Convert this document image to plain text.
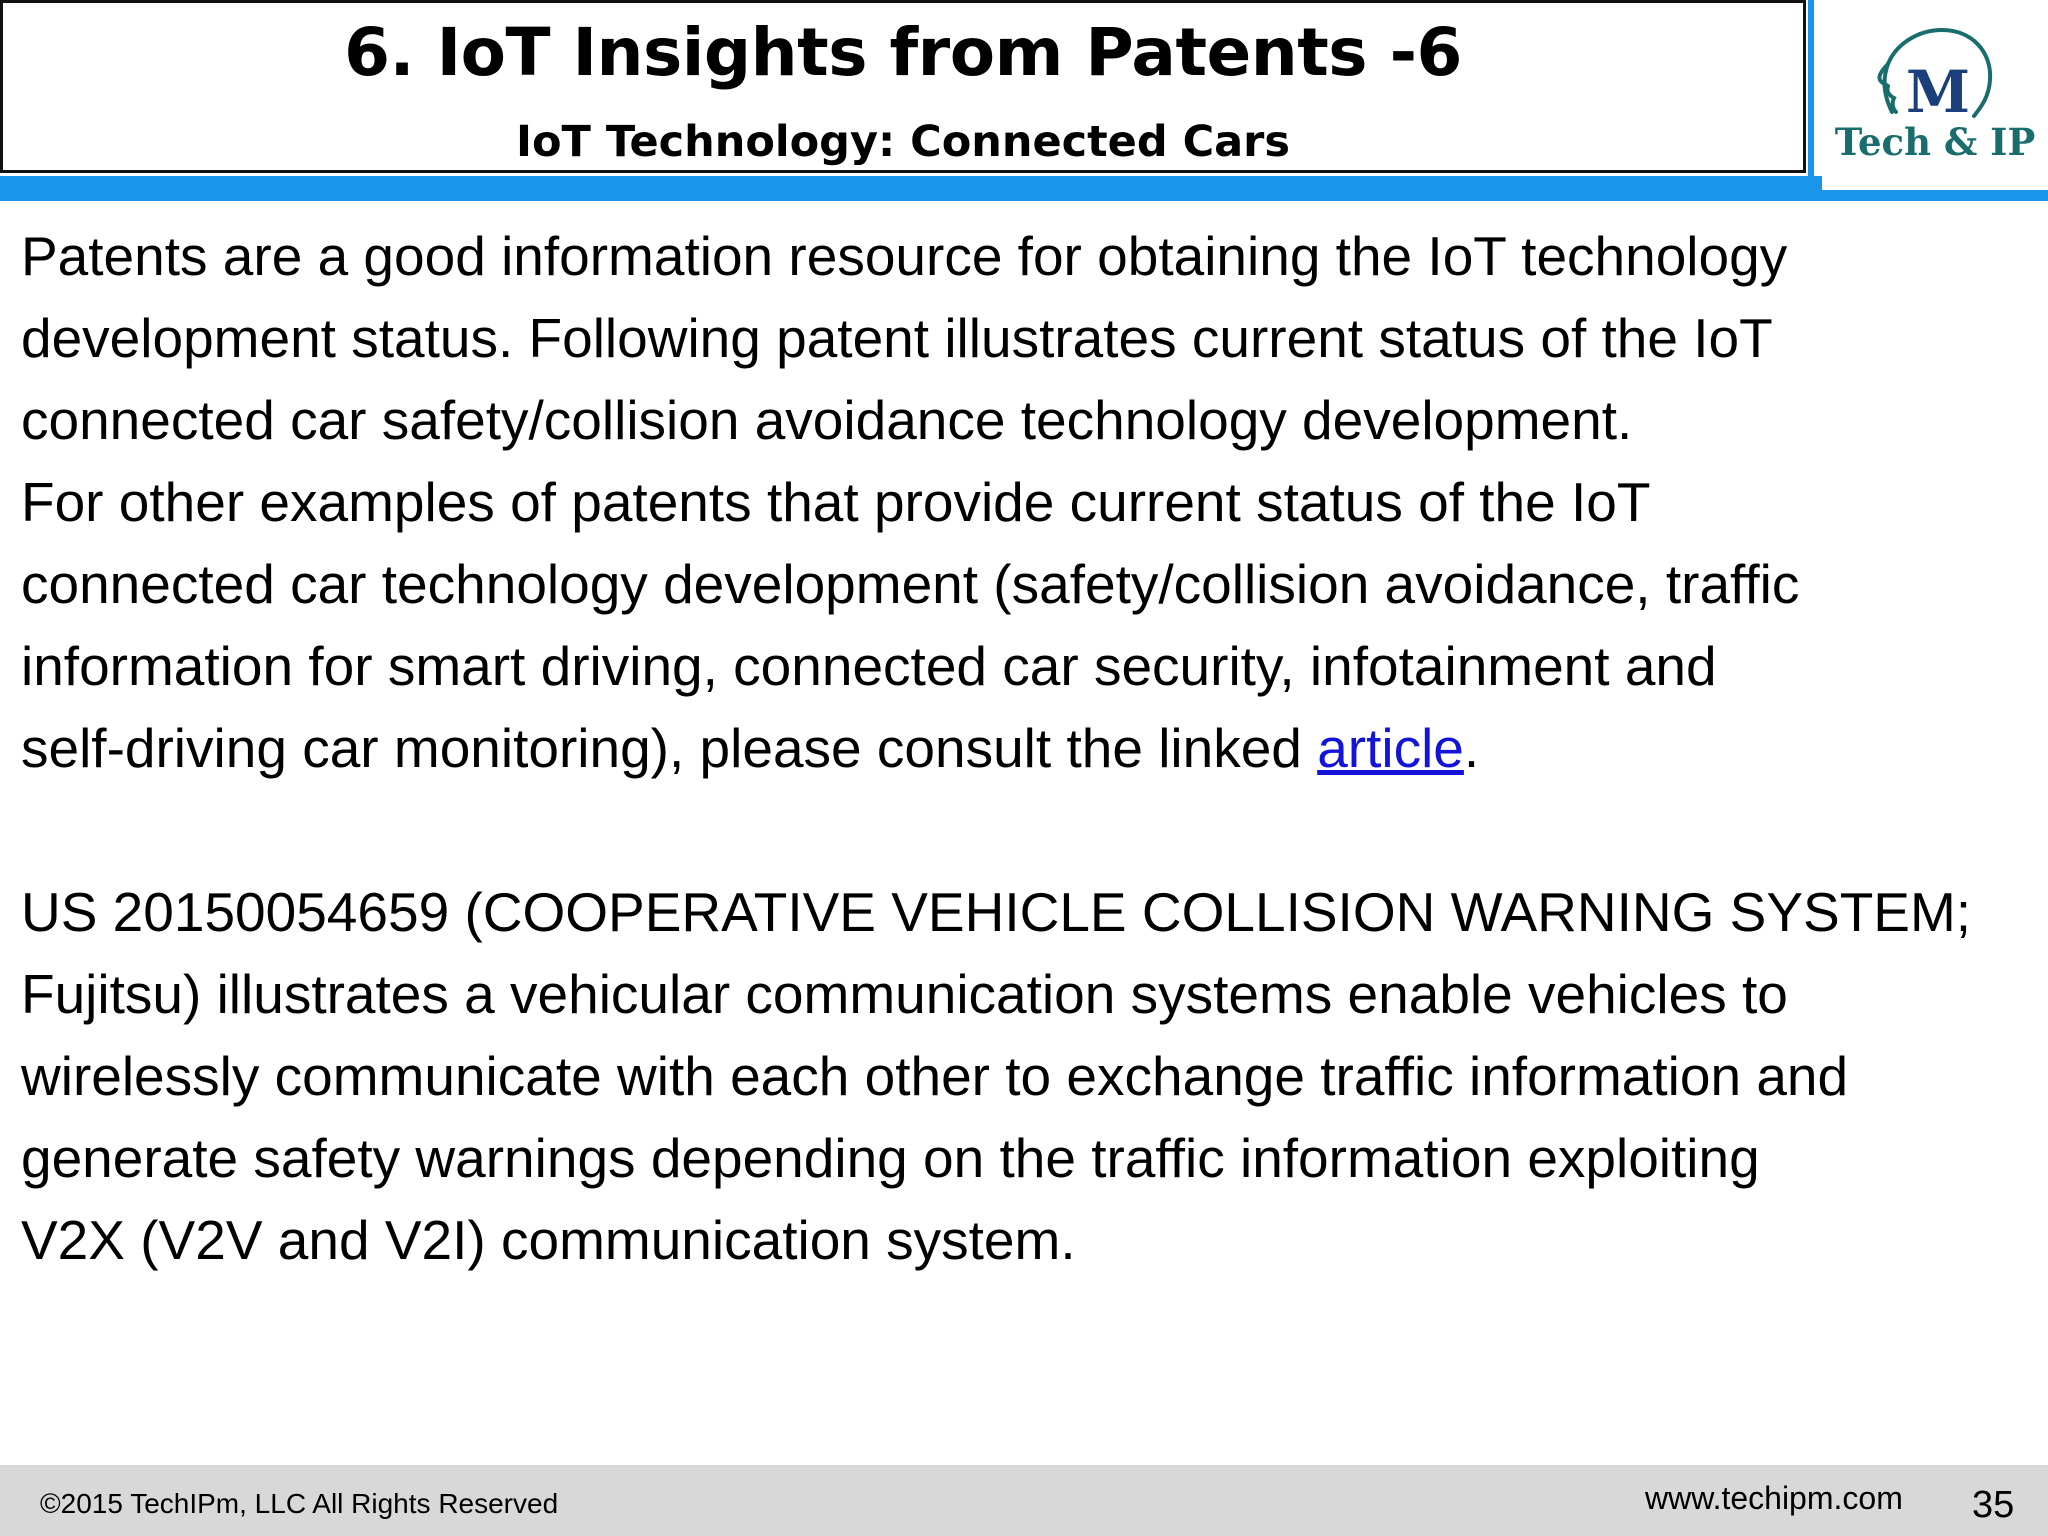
6. IoT Insights from Patents -6
IoT Technology: Connected Cars
M
Tech & IP

Patents are a good information resource for obtaining the IoT technology

development status. Following patent illustrates current status of the IoT

connected car safety/collision avoidance technology development.

For other examples of patents that provide current status of the IoT

connected car technology development (safety/collision avoidance, traffic

information for smart driving, connected car security, infotainment and

self-driving car monitoring), please consult the linked article.

US 20150054659 (COOPERATIVE VEHICLE COLLISION WARNING SYSTEM;

Fujitsu) illustrates a vehicular communication systems enable vehicles to

wirelessly communicate with each other to exchange traffic information and

generate safety warnings depending on the traffic information exploiting

V2X (V2V and V2I) communication system.

©2015 TechIPm, LLC All Rights Reserved	www.techipm.com 35
